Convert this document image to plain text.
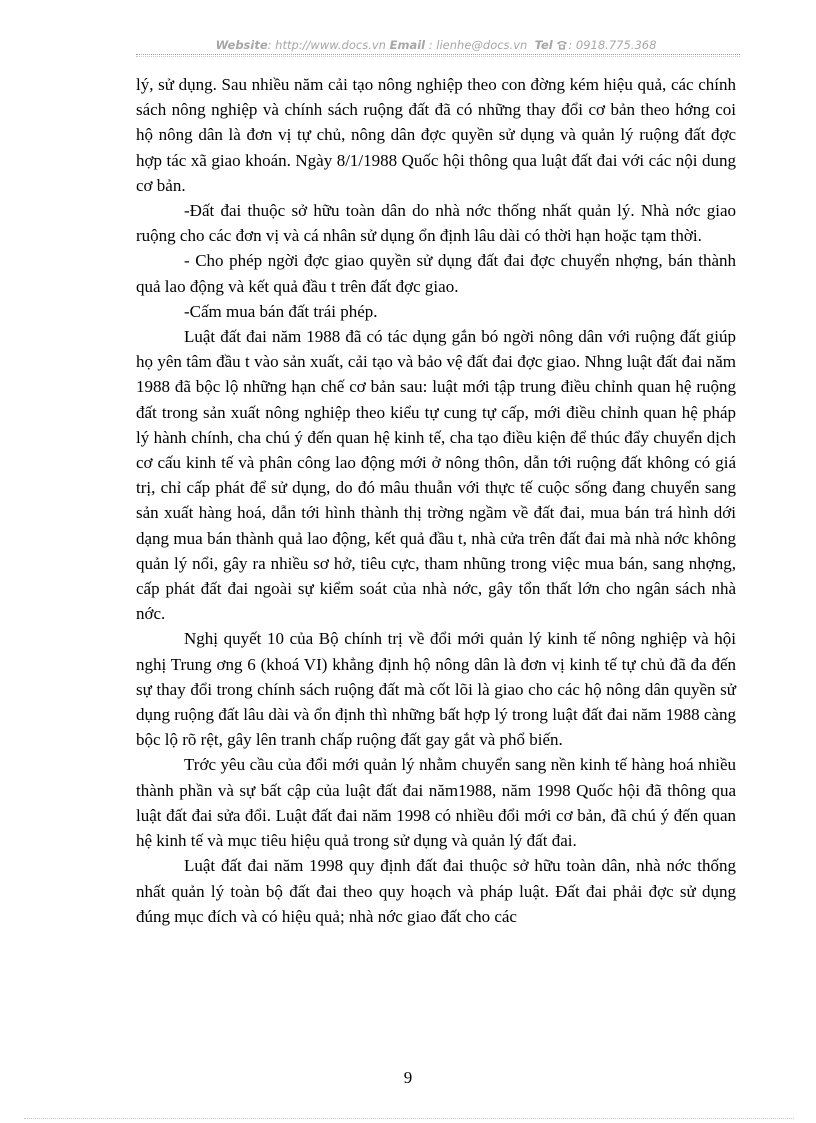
Website: http://www.docs.vn Email : lienhe@docs.vn Tel : 0918.775.368

lý, sử dụng. Sau nhiều năm cải tạo nông nghiệp theo con đờng kém hiệu quả, các chính sách nông nghiệp và chính sách ruộng đất đã có những thay đổi cơ bản theo hớng coi hộ nông dân là đơn vị tự chủ, nông dân đợc quyền sử dụng và quản lý ruộng đất đợc hợp tác xã giao khoán. Ngày 8/1/1988 Quốc hội thông qua luật đất đai với các nội dung cơ bản.

-Đất đai thuộc sở hữu toàn dân do nhà nớc thống nhất quản lý. Nhà nớc giao ruộng cho các đơn vị và cá nhân sử dụng ổn định lâu dài có thời hạn hoặc tạm thời.

- Cho phép ngời đợc giao quyền sử dụng đất đai đợc chuyển nhợng, bán thành quả lao động và kết quả đầu t trên đất đợc giao.

-Cấm mua bán đất trái phép.

Luật đất đai năm 1988 đã có tác dụng gắn bó ngời nông dân với ruộng đất giúp họ yên tâm đầu t vào sản xuất, cải tạo và bảo vệ đất đai đợc giao. Nhng luật đất đai năm 1988 đã bộc lộ những hạn chế cơ bản sau: luật mới tập trung điều chỉnh quan hệ ruộng đất trong sản xuất nông nghiệp theo kiểu tự cung tự cấp, mới điều chỉnh quan hệ pháp lý hành chính, cha chú ý đến quan hệ kinh tế, cha tạo điều kiện để thúc đẩy chuyển dịch cơ cấu kinh tế và phân công lao động mới ở nông thôn, dẫn tới ruộng đất không có giá trị, chỉ cấp phát để sử dụng, do đó mâu thuẫn với thực tế cuộc sống đang chuyển sang sản xuất hàng hoá, dẫn tới hình thành thị trờng ngầm về đất đai, mua bán trá hình dới dạng mua bán thành quả lao động, kết quả đầu t, nhà cửa trên đất đai mà nhà nớc không quản lý nổi, gây ra nhiều sơ hở, tiêu cực, tham nhũng trong việc mua bán, sang nhợng, cấp phát đất đai ngoài sự kiểm soát của nhà nớc, gây tổn thất lớn cho ngân sách nhà nớc.

Nghị quyết 10 của Bộ chính trị về đổi mới quản lý kinh tế nông nghiệp và hội nghị Trung ơng 6 (khoá VI) khẳng định hộ nông dân là đơn vị kinh tế tự chủ đã đa đến sự thay đổi trong chính sách ruộng đất mà cốt lõi là giao cho các hộ nông dân quyền sử dụng ruộng đất lâu dài và ổn định thì những bất hợp lý trong luật đất đai năm 1988 càng bộc lộ rõ rệt, gây lên tranh chấp ruộng đất gay gắt và phổ biến.

Trớc yêu cầu của đổi mới quản lý nhằm chuyển sang nền kinh tế hàng hoá nhiều thành phần và sự bất cập của luật đất đai năm1988, năm 1998 Quốc hội đã thông qua luật đất đai sửa đổi. Luật đất đai năm 1998 có nhiều đổi mới cơ bản, đã chú ý đến quan hệ kinh tế và mục tiêu hiệu quả trong sử dụng và quản lý đất đai.

Luật đất đai năm 1998 quy định đất đai thuộc sở hữu toàn dân, nhà nớc thống nhất quản lý toàn bộ đất đai theo quy hoạch và pháp luật. Đất đai phải đợc sử dụng đúng mục đích và có hiệu quả; nhà nớc giao đất cho các

9
